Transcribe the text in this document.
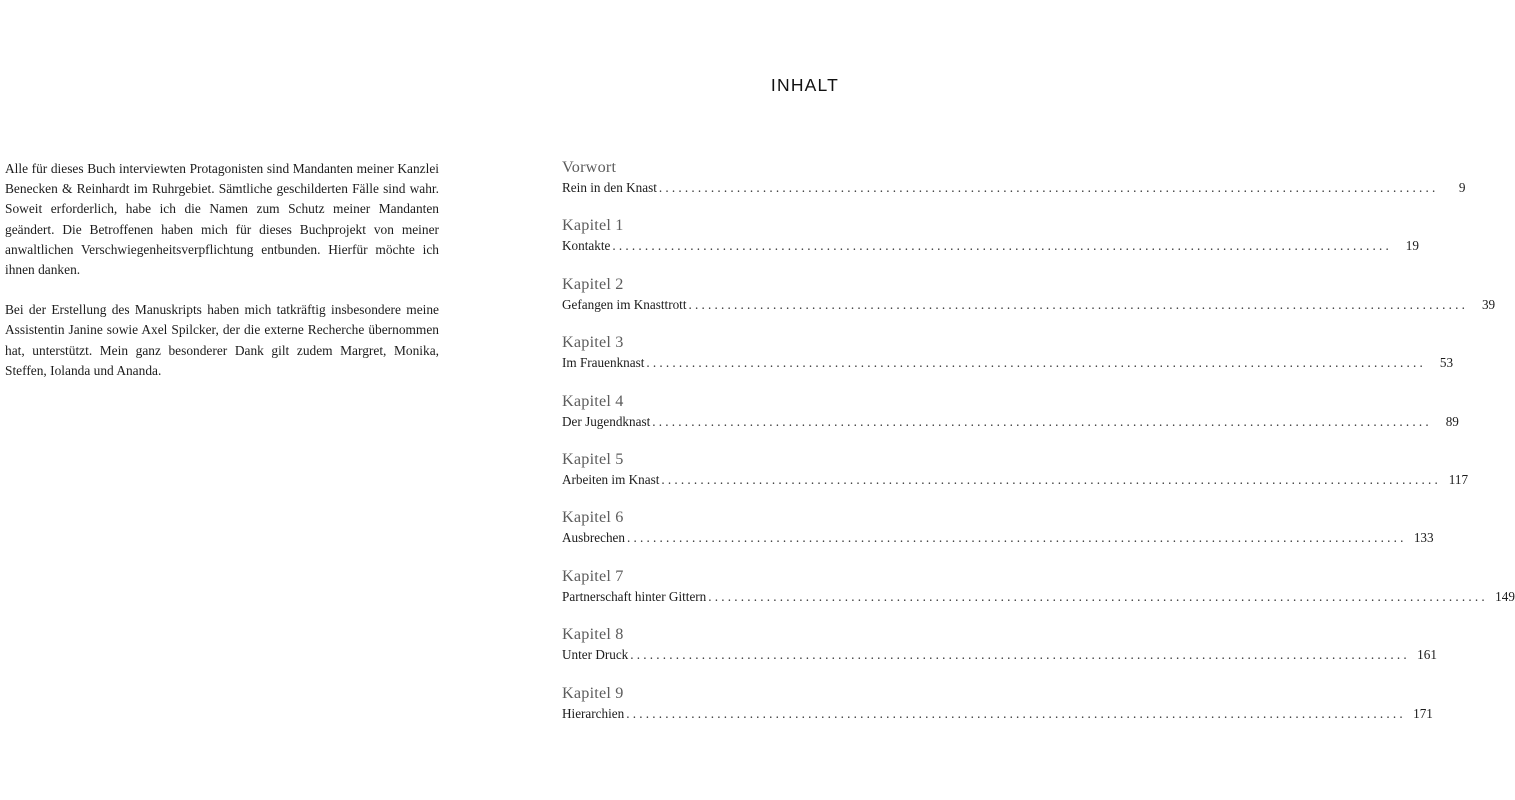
Alle für dieses Buch interviewten Protagonisten sind Mandanten meiner Kanzlei Benecken & Reinhardt im Ruhrgebiet. Sämtliche geschilderten Fälle sind wahr. Soweit erforderlich, habe ich die Namen zum Schutz meiner Mandanten geändert. Die Betroffenen haben mich für dieses Buchprojekt von meiner anwaltlichen Verschwiegenheitsverpflichtung entbunden. Hierfür möchte ich ihnen danken.

Bei der Erstellung des Manuskripts haben mich tatkräftig insbesondere meine Assistentin Janine sowie Axel Spilcker, der die externe Recherche übernommen hat, unterstützt. Mein ganz besonderer Dank gilt zudem Margret, Monika, Steffen, Iolanda und Ananda.

INHALT
Vorwort
Rein in den Knast ........................................................................................................................	9
Kapitel 1
Kontakte ........................................................................................................................	19
Kapitel 2
Gefangen im Knasttrott ........................................................................................................................	39
Kapitel 3
Im Frauenknast ........................................................................................................................	53
Kapitel 4
Der Jugendknast ........................................................................................................................	89
Kapitel 5
Arbeiten im Knast ........................................................................................................................ 117
Kapitel 6
Ausbrechen ........................................................................................................................ 133
Kapitel 7
Partnerschaft hinter Gittern ........................................................................................................................ 149
Kapitel 8
Unter Druck ........................................................................................................................ 161
Kapitel 9
Hierarchien ........................................................................................................................ 171
